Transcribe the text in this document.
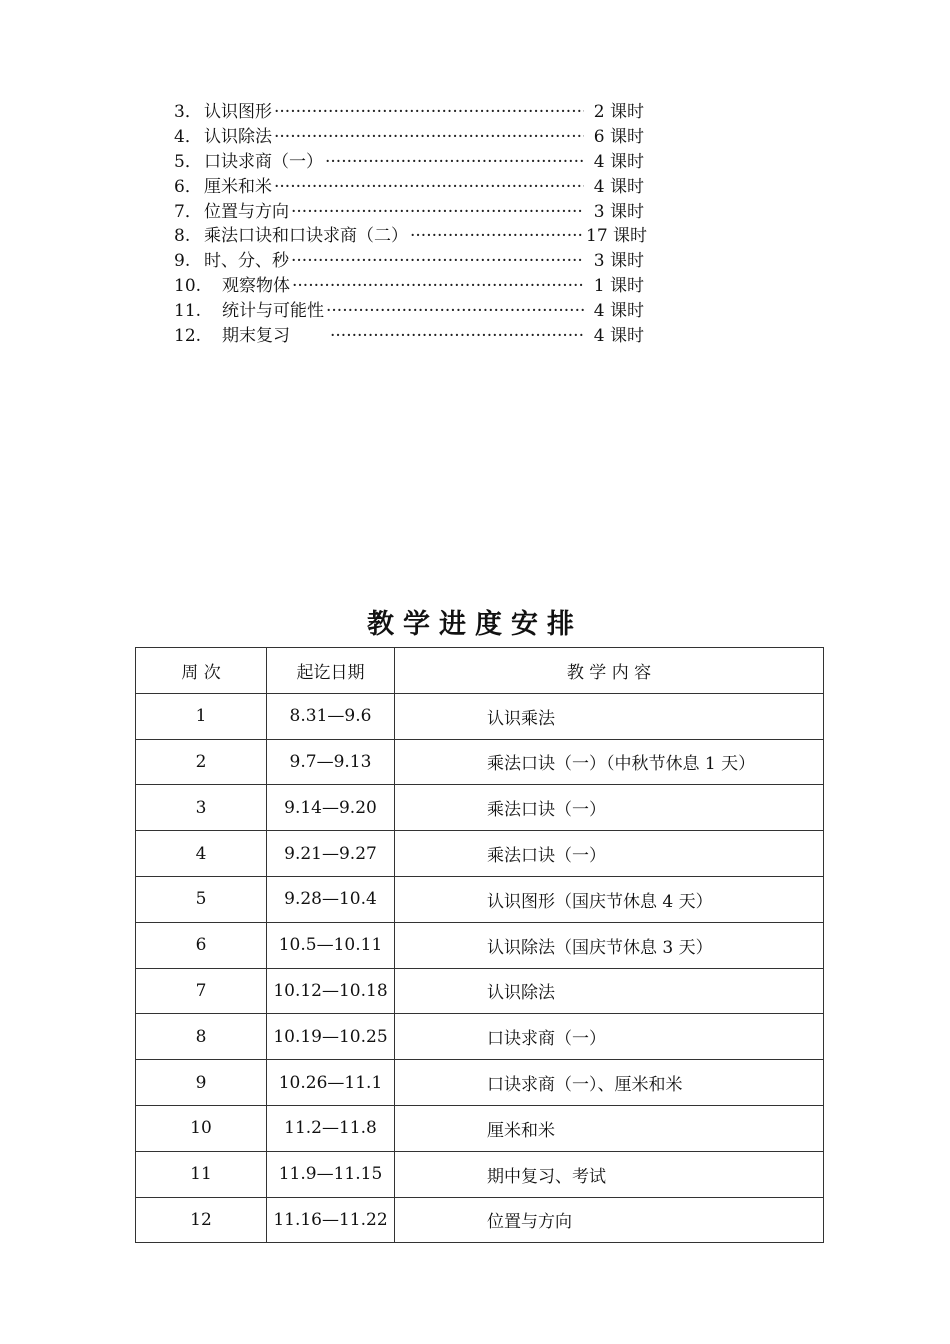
3． 认识图形 ·····	2 课时
4． 认识除法 ·····	6 课时
5． 口诀求商（一） ·····	4 课时
6． 厘米和米 ·····	4 课时
7． 位置与方向 ·····	3 课时
8. 乘法口诀和口诀求商（二） ·····	17 课时
9. 时、分、秒 ·····	3 课时
10.	观察物体 ·····	1 课时
11.	统计与可能性 ·····	4 课时
12.	期末复习 ·····	4 课时
教学进度安排
周 次	起讫日期	教 学 内 容
1	8.31—9.6	认识乘法
2	9.7—9.13	乘法口诀（一）（中秋节休息 1 天）
3	9.14—9.20	乘法口诀（一）
4	9.21—9.27	乘法口诀（一）
5	9.28—10.4	认识图形（国庆节休息 4 天）
6	10.5—10.11	认识除法（国庆节休息 3 天）
7	10.12—10.18	认识除法
8	10.19—10.25	口诀求商（一）
9	10.26—11.1	口诀求商（一）、厘米和米
10	11.2—11.8	厘米和米
11	11.9—11.15	期中复习、考试
12	11.16—11.22	位置与方向
